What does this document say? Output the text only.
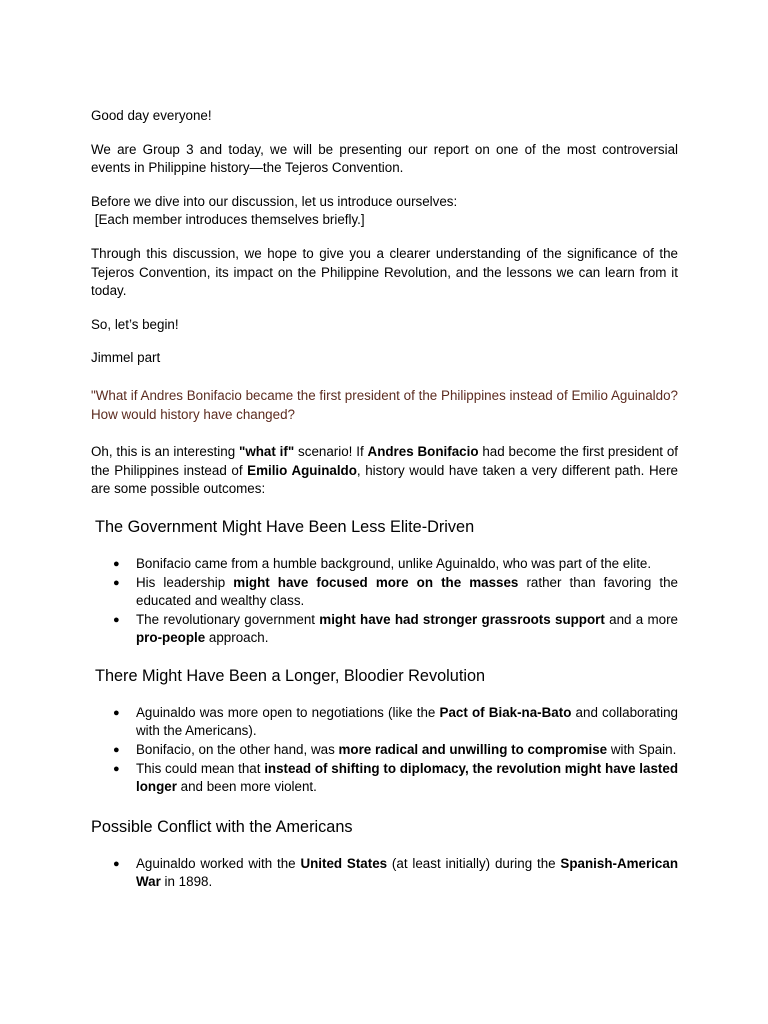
Good day everyone!

We are Group 3 and today, we will be presenting our report on one of the most controversial events in Philippine history—the Tejeros Convention.

Before we dive into our discussion, let us introduce ourselves:
[Each member introduces themselves briefly.]

Through this discussion, we hope to give you a clearer understanding of the significance of the Tejeros Convention, its impact on the Philippine Revolution, and the lessons we can learn from it today.

So, let’s begin!

Jimmel part

"What if Andres Bonifacio became the first president of the Philippines instead of Emilio Aguinaldo? How would history have changed?

Oh, this is an interesting "what if" scenario! If Andres Bonifacio had become the first president of the Philippines instead of Emilio Aguinaldo, history would have taken a very different path. Here are some possible outcomes:

The Government Might Have Been Less Elite-Driven
● Bonifacio came from a humble background, unlike Aguinaldo, who was part of the elite.
● His leadership might have focused more on the masses rather than favoring the educated and wealthy class.
● The revolutionary government might have had stronger grassroots support and a more pro-people approach.
There Might Have Been a Longer, Bloodier Revolution
● Aguinaldo was more open to negotiations (like the Pact of Biak-na-Bato and collaborating with the Americans).
● Bonifacio, on the other hand, was more radical and unwilling to compromise with Spain.
● This could mean that instead of shifting to diplomacy, the revolution might have lasted longer and been more violent.
Possible Conflict with the Americans
● Aguinaldo worked with the United States (at least initially) during the Spanish-American War in 1898.
